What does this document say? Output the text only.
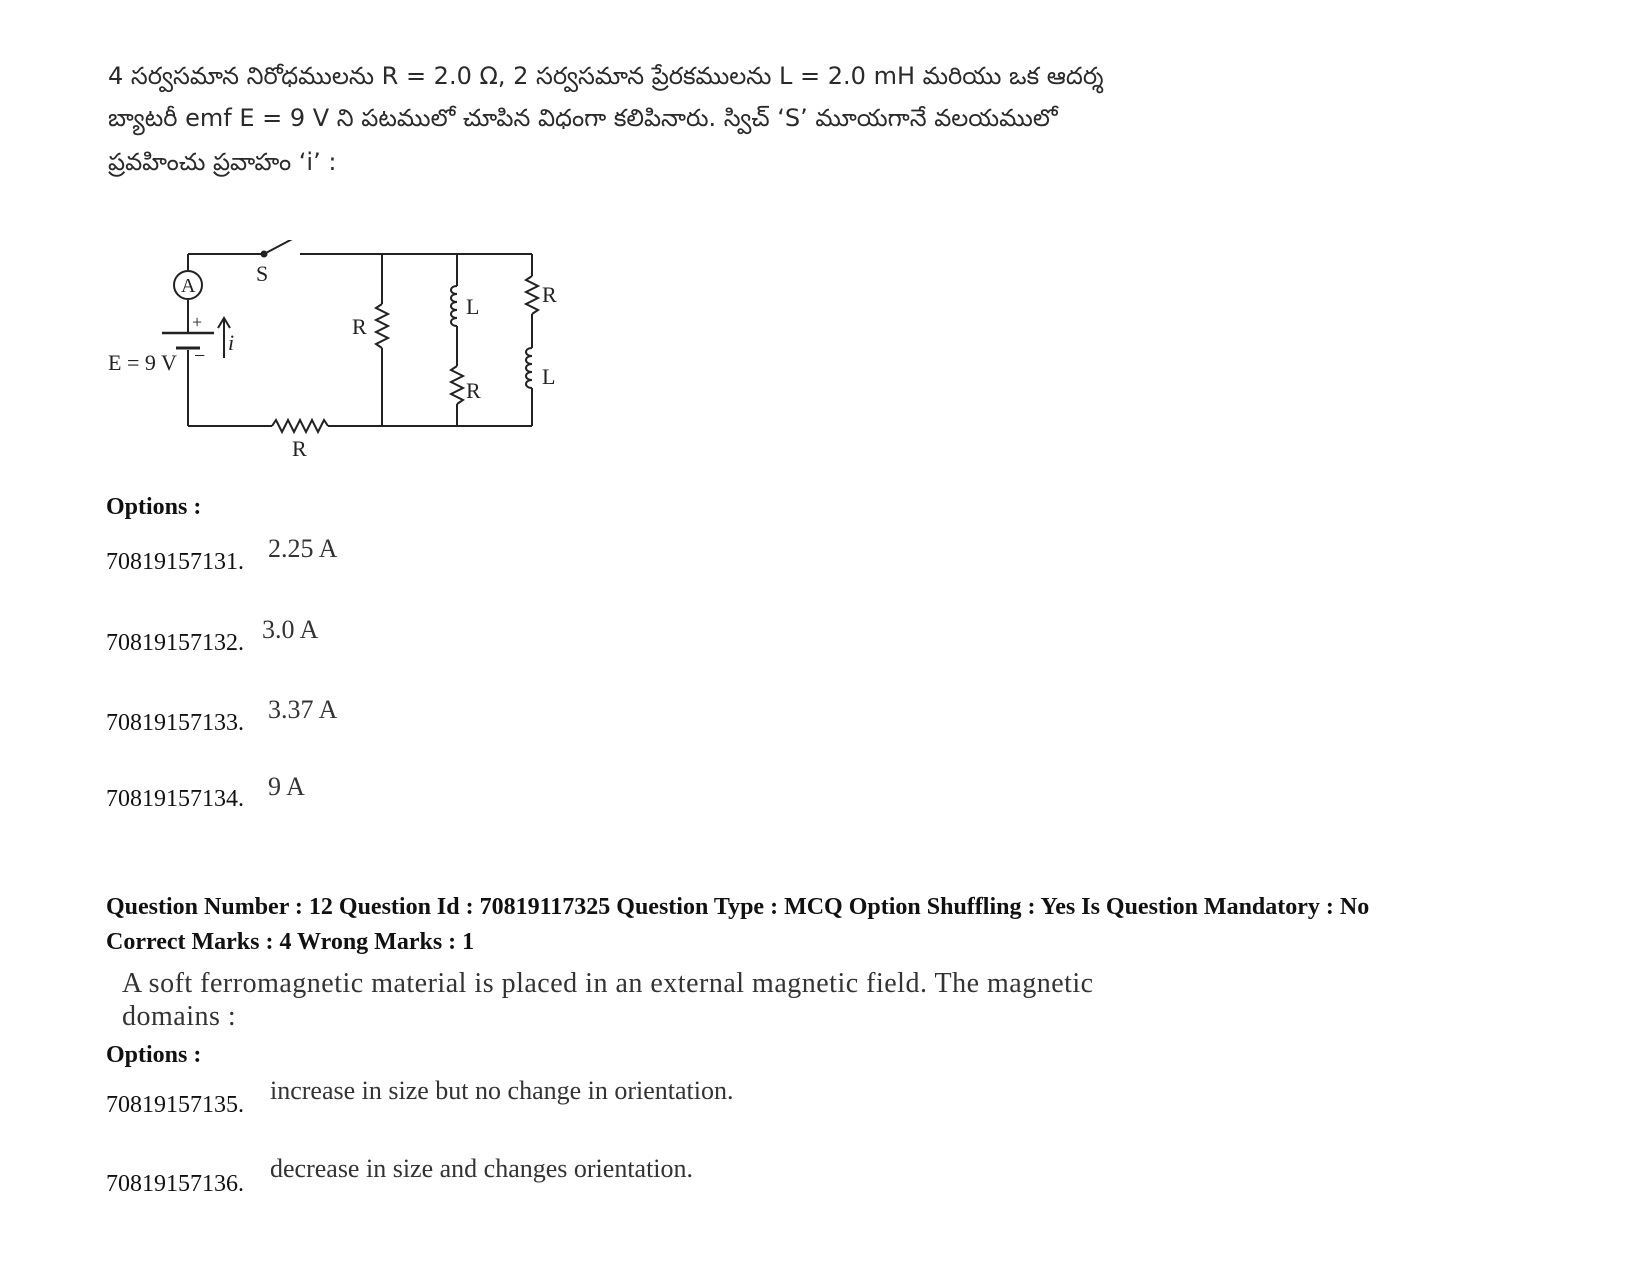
4 సర్వసమాన నిరోధములను R = 2.0 Ω, 2 సర్వసమాన ప్రేరకములను L = 2.0 mH మరియు ఒక ఆదర్శ
బ్యాటరీ emf E = 9 V ని పటములో చూపిన విధంగా కలిపినారు. స్విచ్ ‘S’ మూయగానే వలయములో
ప్రవహించు ప్రవాహం ‘i’ :
A	S
+
−
i
E = 9 V
R
L
R
R
L
R
Options :
70819157131. 2.25 A
70819157132. 3.0 A
70819157133. 3.37 A
70819157134. 9 A
Question Number : 12 Question Id : 70819117325 Question Type : MCQ Option Shuffling : Yes Is Question Mandatory : No
Correct Marks : 4 Wrong Marks : 1
A soft ferromagnetic material is placed in an external magnetic field. The magnetic
domains :
Options :
70819157135. increase in size but no change in orientation.
70819157136.
decrease in size and changes orientation.
